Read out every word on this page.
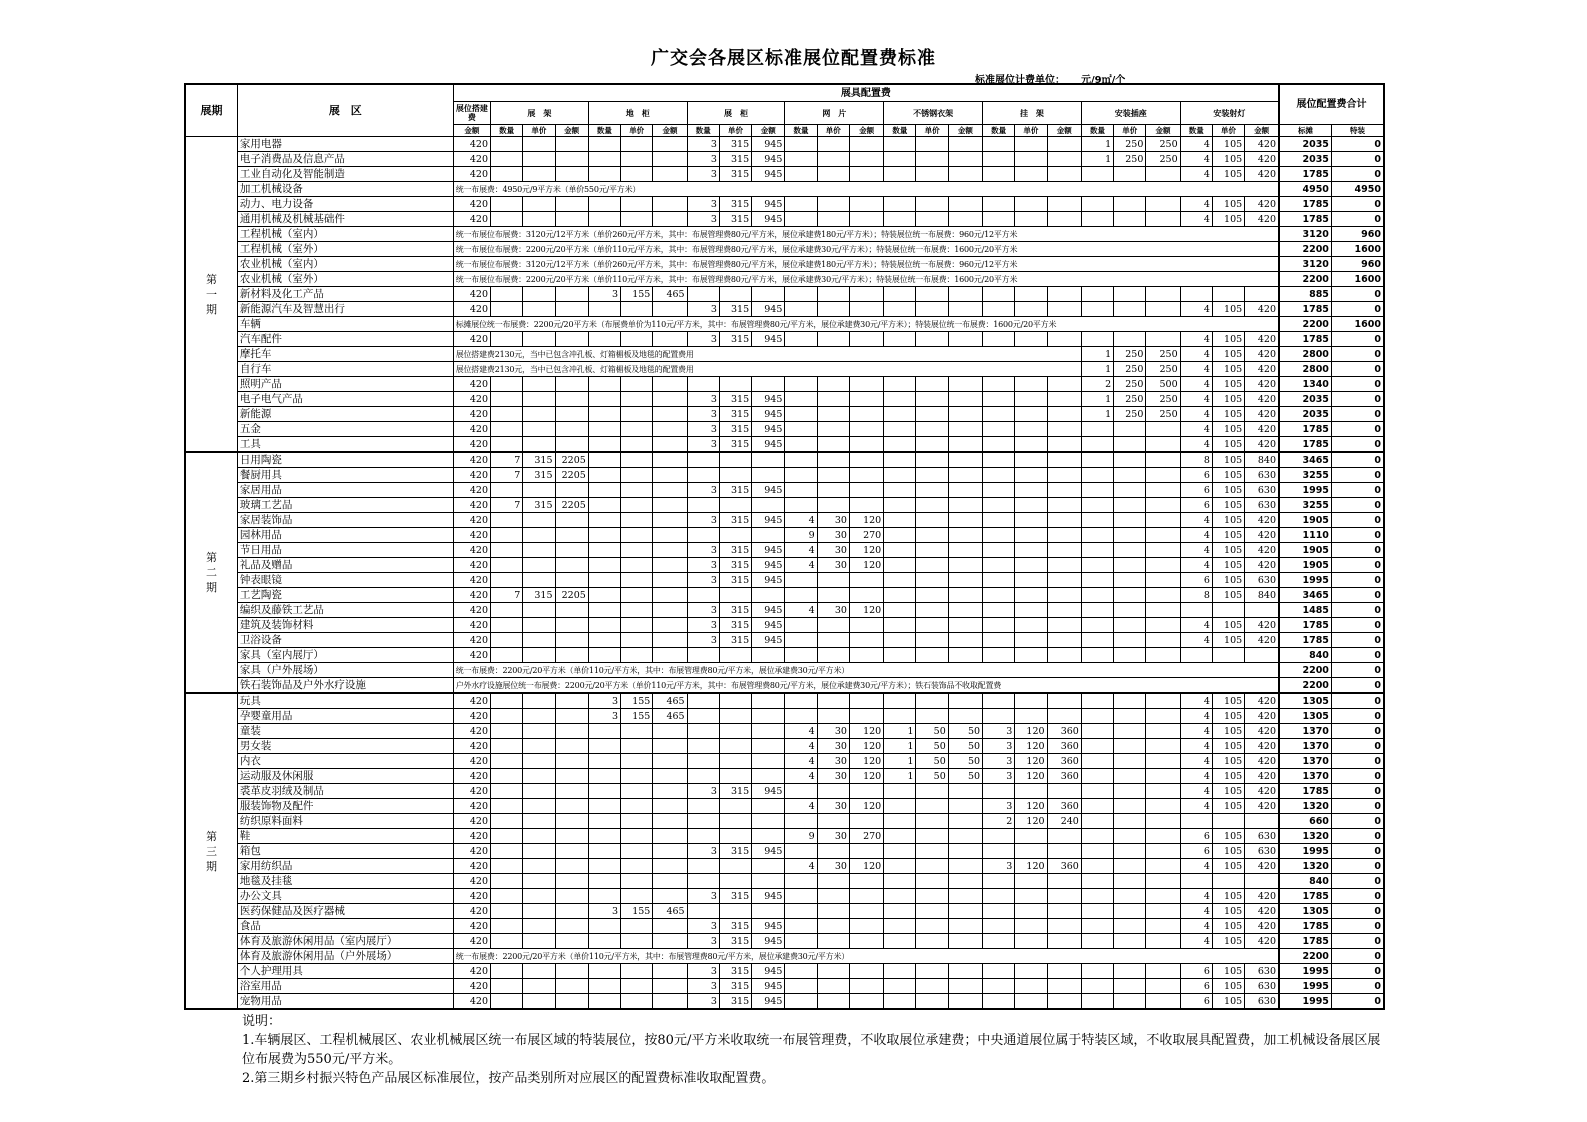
广交会各展区标准展位配置费标准
标准展位计费单位： 元/9㎡/个
展期	展　区	展具配置费																									展位配置费合计	
		展位搭建费	展　架			地　柜			展　柜			网　片			不锈钢衣架			挂　架			安装插座			安装射灯				
		金额	数量	单价	金额	数量	单价	金额	数量	单价	金额	数量	单价	金额	数量	单价	金额	数量	单价	金额	数量	单价	金额	数量	单价	金额	标摊	特装
第
一
期	家用电器	420							3	315	945										1	250	250	4	105	420	2035	0
	电子消费品及信息产品	420							3	315	945										1	250	250	4	105	420	2035	0
	工业自动化及智能制造	420							3	315	945													4	105	420	1785	0
	加工机械设备	统一布展费：4950元/9平方米（单价550元/平方米）																									4950	4950
	动力、电力设备	420							3	315	945													4	105	420	1785	0
	通用机械及机械基础件	420							3	315	945													4	105	420	1785	0
	工程机械（室内）	统一布展位布展费：3120元/12平方米（单价260元/平方米，其中：布展管理费80元/平方米，展位承建费180元/平方米）；特装展位统一布展费：960元/12平方米																									3120	960
	工程机械（室外）	统一布展位布展费：2200元/20平方米（单价110元/平方米，其中：布展管理费80元/平方米，展位承建费30元/平方米）；特装展位统一布展费：1600元/20平方米																									2200	1600
	农业机械（室内）	统一布展位布展费：3120元/12平方米（单价260元/平方米，其中：布展管理费80元/平方米，展位承建费180元/平方米）；特装展位统一布展费：960元/12平方米																									3120	960
	农业机械（室外）	统一布展位布展费：2200元/20平方米（单价110元/平方米，其中：布展管理费80元/平方米，展位承建费30元/平方米）；特装展位统一布展费：1600元/20平方米																									2200	1600
	新材料及化工产品	420				3	155	465																			885	0
	新能源汽车及智慧出行	420							3	315	945													4	105	420	1785	0
	车辆	标摊展位统一布展费：2200元/20平方米（布展费单价为110元/平方米，其中：布展管理费80元/平方米，展位承建费30元/平方米）；特装展位统一布展费：1600元/20平方米																									2200	1600
	汽车配件	420							3	315	945													4	105	420	1785	0
	摩托车	展位搭建费2130元，当中已包含冲孔板、灯箱楣板及地毯的配置费用																			1	250	250	4	105	420	2800	0
	自行车	展位搭建费2130元，当中已包含冲孔板、灯箱楣板及地毯的配置费用																			1	250	250	4	105	420	2800	0
	照明产品	420																			2	250	500	4	105	420	1340	0
	电子电气产品	420							3	315	945										1	250	250	4	105	420	2035	0
	新能源	420							3	315	945										1	250	250	4	105	420	2035	0
	五金	420							3	315	945													4	105	420	1785	0
	工具	420							3	315	945													4	105	420	1785	0
第
二
期	日用陶瓷	420	7	315	2205																			8	105	840	3465	0
	餐厨用具	420	7	315	2205																			6	105	630	3255	0
	家居用品	420							3	315	945													6	105	630	1995	0
	玻璃工艺品	420	7	315	2205																			6	105	630	3255	0
	家居装饰品	420							3	315	945	4	30	120										4	105	420	1905	0
	园林用品	420										9	30	270										4	105	420	1110	0
	节日用品	420							3	315	945	4	30	120										4	105	420	1905	0
	礼品及赠品	420							3	315	945	4	30	120										4	105	420	1905	0
	钟表眼镜	420							3	315	945													6	105	630	1995	0
	工艺陶瓷	420	7	315	2205																			8	105	840	3465	0
	编织及藤铁工艺品	420							3	315	945	4	30	120													1485	0
	建筑及装饰材料	420							3	315	945													4	105	420	1785	0
	卫浴设备	420							3	315	945													4	105	420	1785	0
	家具（室内展厅）	420																									840	0
	家具（户外展场）	统一布展费：2200元/20平方米（单价110元/平方米，其中：布展管理费80元/平方米，展位承建费30元/平方米）																									2200	0
	铁石装饰品及户外水疗设施	户外水疗设施展位统一布展费：2200元/20平方米（单价110元/平方米，其中：布展管理费80元/平方米，展位承建费30元/平方米）；铁石装饰品不收取配置费																									2200	0
第
三
期	玩具	420				3	155	465																4	105	420	1305	0
	孕婴童用品	420				3	155	465																4	105	420	1305	0
	童装	420										4	30	120	1	50	50	3	120	360				4	105	420	1370	0
	男女装	420										4	30	120	1	50	50	3	120	360				4	105	420	1370	0
	内衣	420										4	30	120	1	50	50	3	120	360				4	105	420	1370	0
	运动服及休闲服	420										4	30	120	1	50	50	3	120	360				4	105	420	1370	0
	裘革皮羽绒及制品	420							3	315	945													4	105	420	1785	0
	服装饰物及配件	420										4	30	120				3	120	360				4	105	420	1320	0
	纺织原料面料	420																2	120	240							660	0
	鞋	420										9	30	270										6	105	630	1320	0
	箱包	420							3	315	945													6	105	630	1995	0
	家用纺织品	420										4	30	120				3	120	360				4	105	420	1320	0
	地毯及挂毯	420																									840	0
	办公文具	420							3	315	945													4	105	420	1785	0
	医药保健品及医疗器械	420				3	155	465																4	105	420	1305	0
	食品	420							3	315	945													4	105	420	1785	0
	体育及旅游休闲用品（室内展厅）	420							3	315	945													4	105	420	1785	0
	体育及旅游休闲用品（户外展场）	统一布展费：2200元/20平方米（单价110元/平方米，其中：布展管理费80元/平方米，展位承建费30元/平方米）																									2200	0
	个人护理用具	420							3	315	945													6	105	630	1995	0
	浴室用品	420							3	315	945													6	105	630	1995	0
	宠物用品	420							3	315	945													6	105	630	1995	0
说明：
1.车辆展区、工程机械展区、农业机械展区统一布展区域的特装展位，按80元/平方米收取统一布展管理费，不收取展位承建费；中央通道展位属于特装区域，不收取展具配置费，加工机械设备展区展位布展费为550元/平方米。
2.第三期乡村振兴特色产品展区标准展位，按产品类别所对应展区的配置费标准收取配置费。
